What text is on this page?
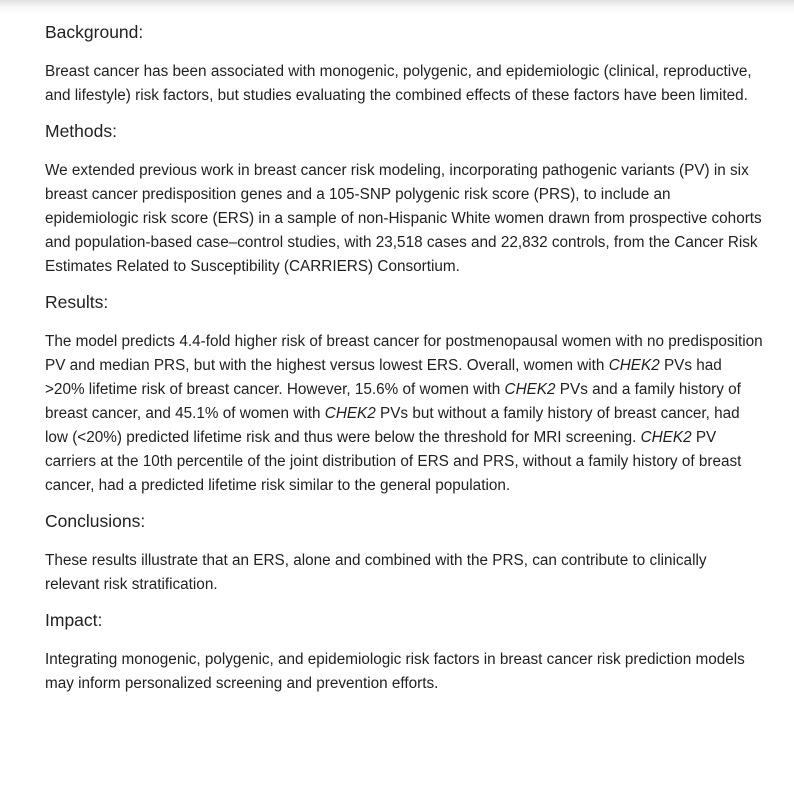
Background:

Breast cancer has been associated with monogenic, polygenic, and epidemiologic (clinical, reproductive, and lifestyle) risk factors, but studies evaluating the combined effects of these factors have been limited.

Methods:

We extended previous work in breast cancer risk modeling, incorporating pathogenic variants (PV) in six breast cancer predisposition genes and a 105-SNP polygenic risk score (PRS), to include an epidemiologic risk score (ERS) in a sample of non-Hispanic White women drawn from prospective cohorts and population-based case–control studies, with 23,518 cases and 22,832 controls, from the Cancer Risk Estimates Related to Susceptibility (CARRIERS) Consortium.

Results:

The model predicts 4.4-fold higher risk of breast cancer for postmenopausal women with no predisposition PV and median PRS, but with the highest versus lowest ERS. Overall, women with CHEK2 PVs had >20% lifetime risk of breast cancer. However, 15.6% of women with CHEK2 PVs and a family history of breast cancer, and 45.1% of women with CHEK2 PVs but without a family history of breast cancer, had low (<20%) predicted lifetime risk and thus were below the threshold for MRI screening. CHEK2 PV carriers at the 10th percentile of the joint distribution of ERS and PRS, without a family history of breast cancer, had a predicted lifetime risk similar to the general population.

Conclusions:

These results illustrate that an ERS, alone and combined with the PRS, can contribute to clinically relevant risk stratification.

Impact:

Integrating monogenic, polygenic, and epidemiologic risk factors in breast cancer risk prediction models may inform personalized screening and prevention efforts.
